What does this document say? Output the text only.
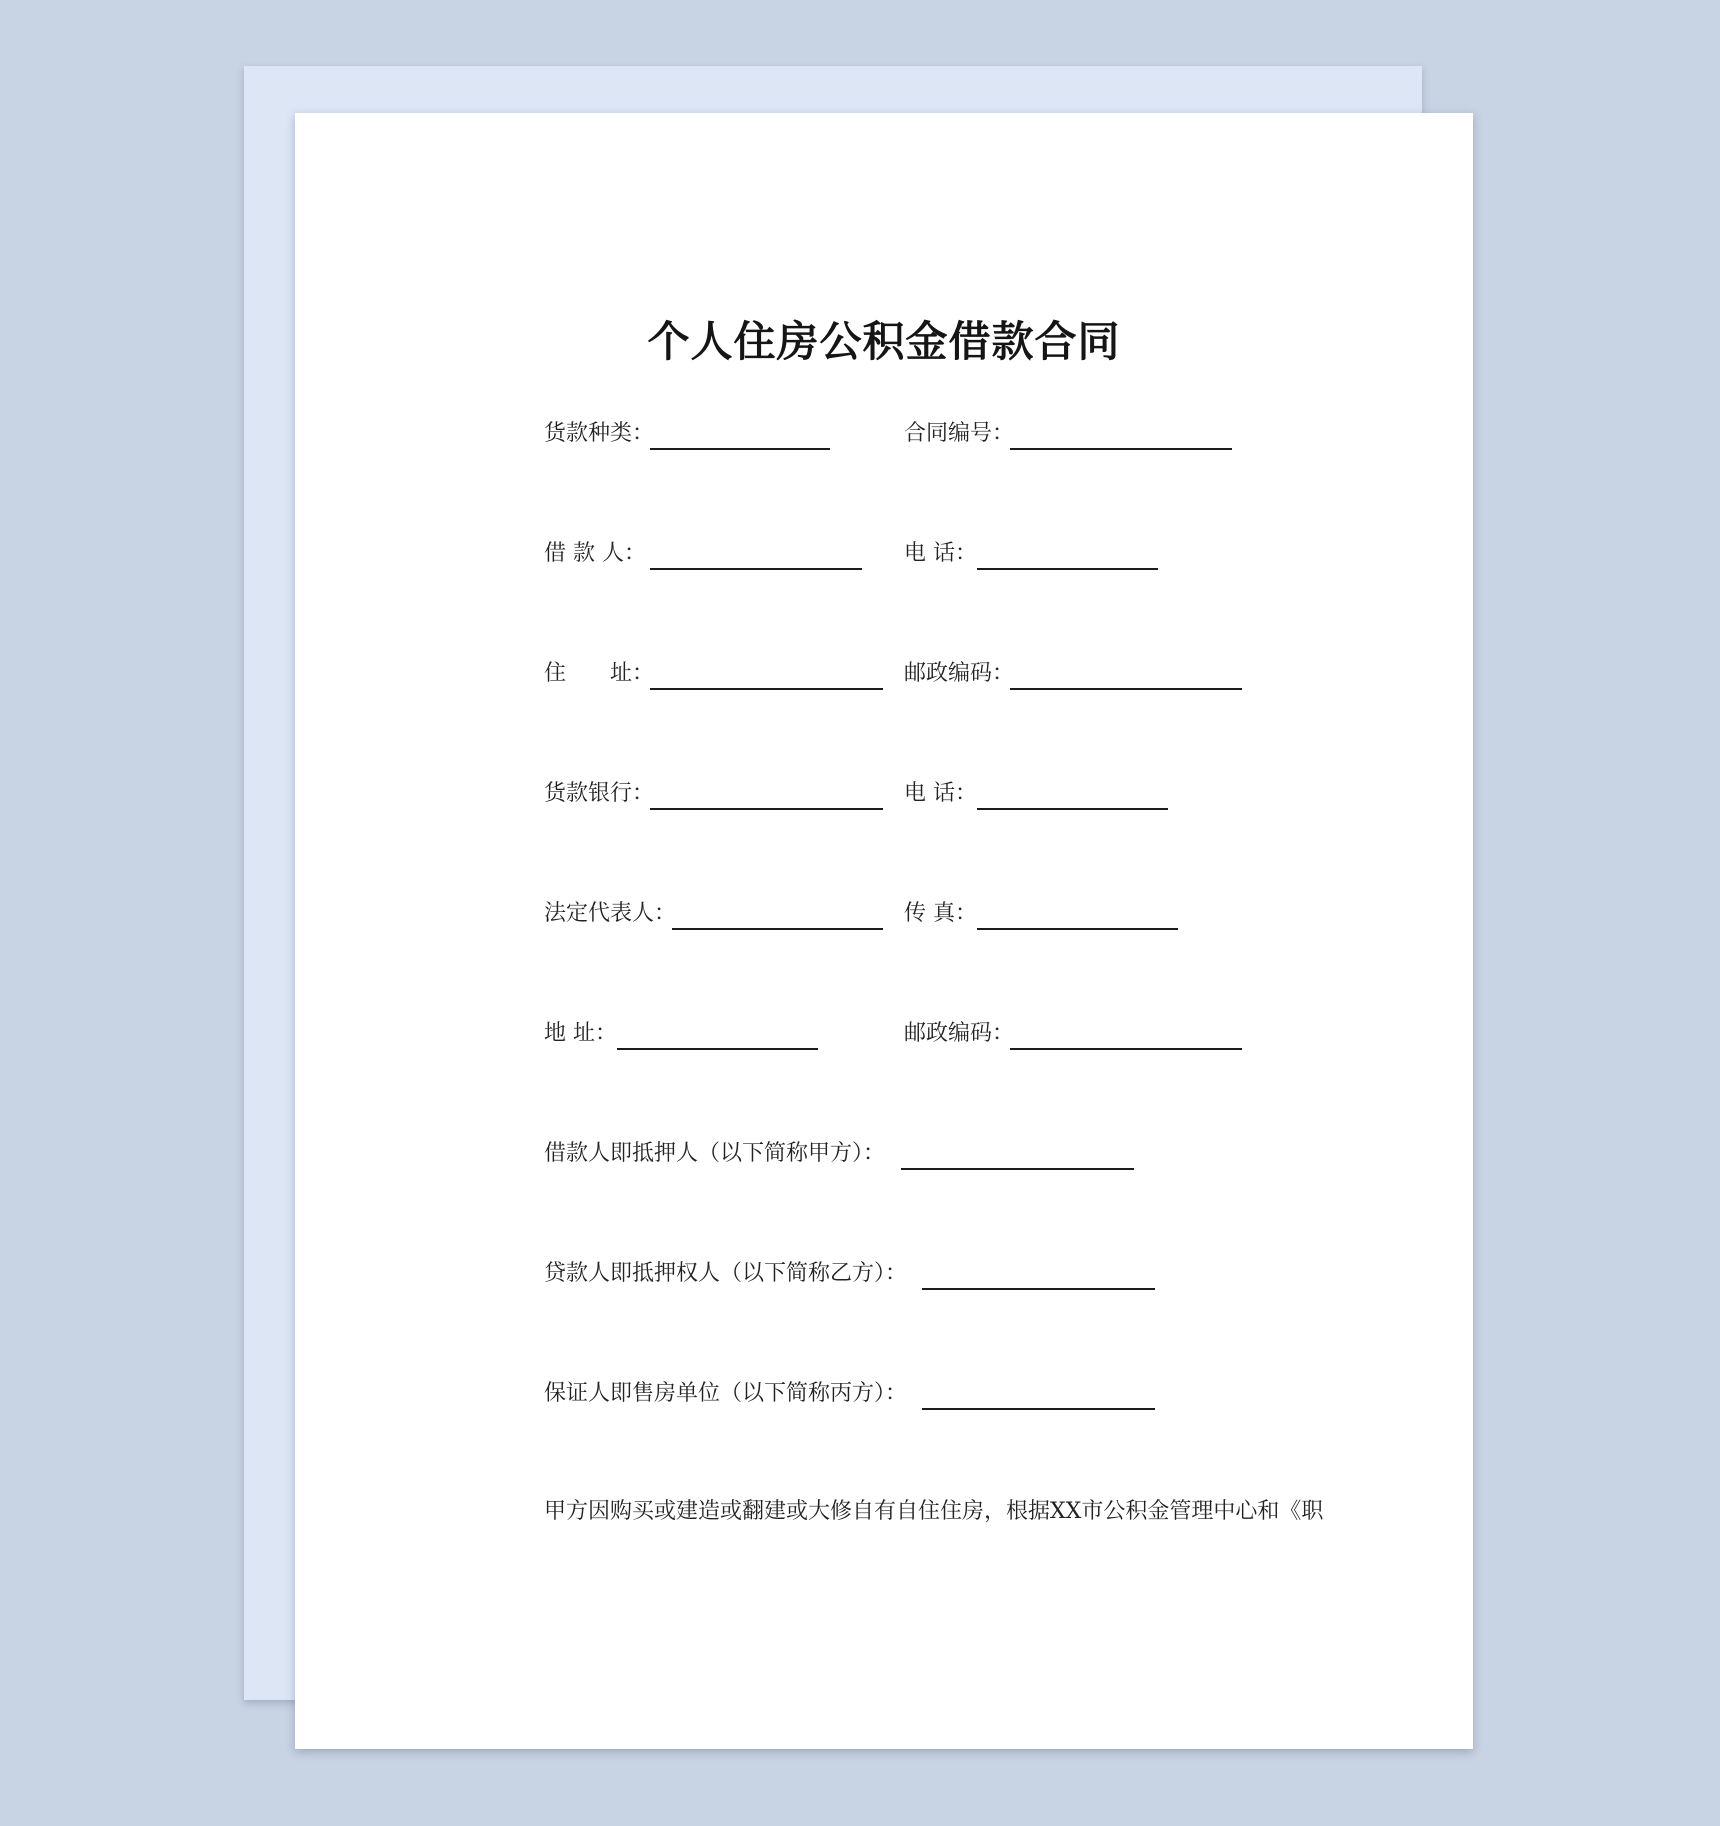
个人住房公积金借款合同
货款种类：	合同编号：
借 款 人：	电 话：
住　　址：	邮政编码：
货款银行：	电 话：
法定代表人：	传 真：
地 址：	邮政编码：
借款人即抵押人（以下简称甲方）：
贷款人即抵押权人（以下简称乙方）：
保证人即售房单位（以下简称丙方）：

甲方因购买或建造或翻建或大修自有自住住房，根据XX市公积金管理中心和《职
